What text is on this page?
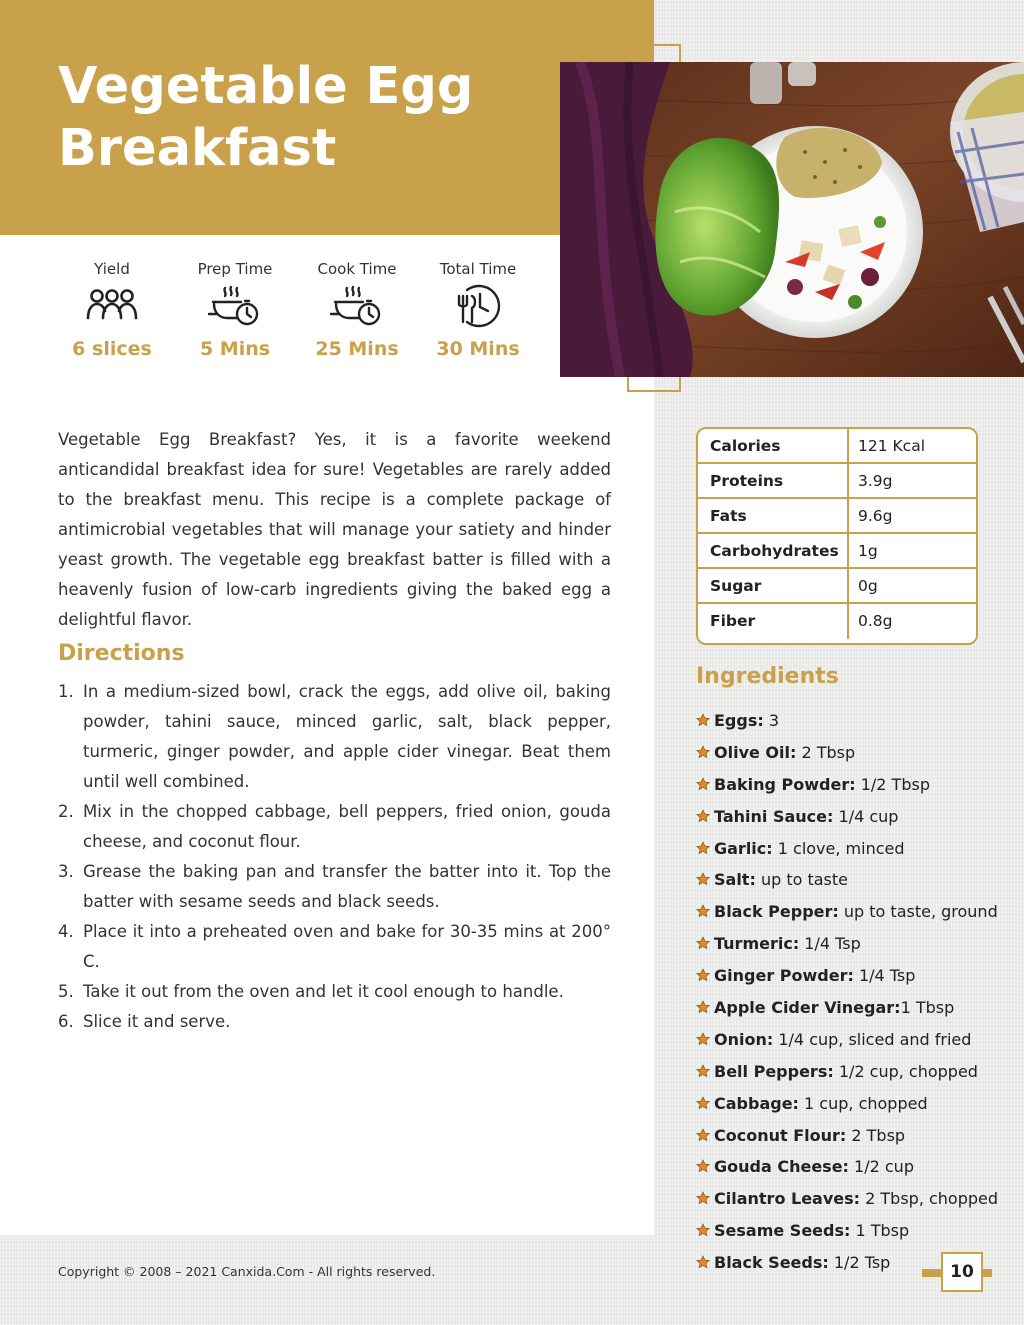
Vegetable Egg Breakfast
Yield
6 slices
Prep Time
5 Mins
Cook Time
25 Mins
Total Time
30 Mins

Vegetable Egg Breakfast? Yes, it is a favorite weekend anticandidal breakfast idea for sure! Vegetables are rarely added to the breakfast menu. This recipe is a complete package of antimicrobial vegetables that will manage your satiety and hinder yeast growth. The vegetable egg breakfast batter is filled with a heavenly fusion of low-carb ingredients giving the baked egg a delightful flavor.

Directions
1. In a medium-sized bowl, crack the eggs, add olive oil, baking powder, tahini sauce, minced garlic, salt, black pepper, turmeric, ginger powder, and apple cider vinegar. Beat them until well combined.
2. Mix in the chopped cabbage, bell peppers, fried onion, gouda cheese, and coconut flour.
3. Grease the baking pan and transfer the batter into it. Top the batter with sesame seeds and black seeds.
4. Place it into a preheated oven and bake for 30-35 mins at 200° C.
5. Take it out from the oven and let it cool enough to handle.
6. Slice it and serve.
Calories	121 Kcal
Proteins	3.9g
Fats	9.6g
Carbohydrates	1g
Sugar	0g
Fiber	0.8g
Ingredients
Eggs: 3
Olive Oil: 2 Tbsp
Baking Powder: 1/2 Tbsp
Tahini Sauce: 1/4 cup
Garlic: 1 clove, minced
Salt: up to taste
Black Pepper: up to taste, ground
Turmeric: 1/4 Tsp
Ginger Powder: 1/4 Tsp
Apple Cider Vinegar:1 Tbsp
Onion: 1/4 cup, sliced and fried
Bell Peppers: 1/2 cup, chopped
Cabbage: 1 cup, chopped
Coconut Flour: 2 Tbsp
Gouda Cheese: 1/2 cup
Cilantro Leaves: 2 Tbsp, chopped
Sesame Seeds: 1 Tbsp
Black Seeds: 1/2 Tsp
Copyright © 2008 – 2021 Canxida.Com - All rights reserved.	10
